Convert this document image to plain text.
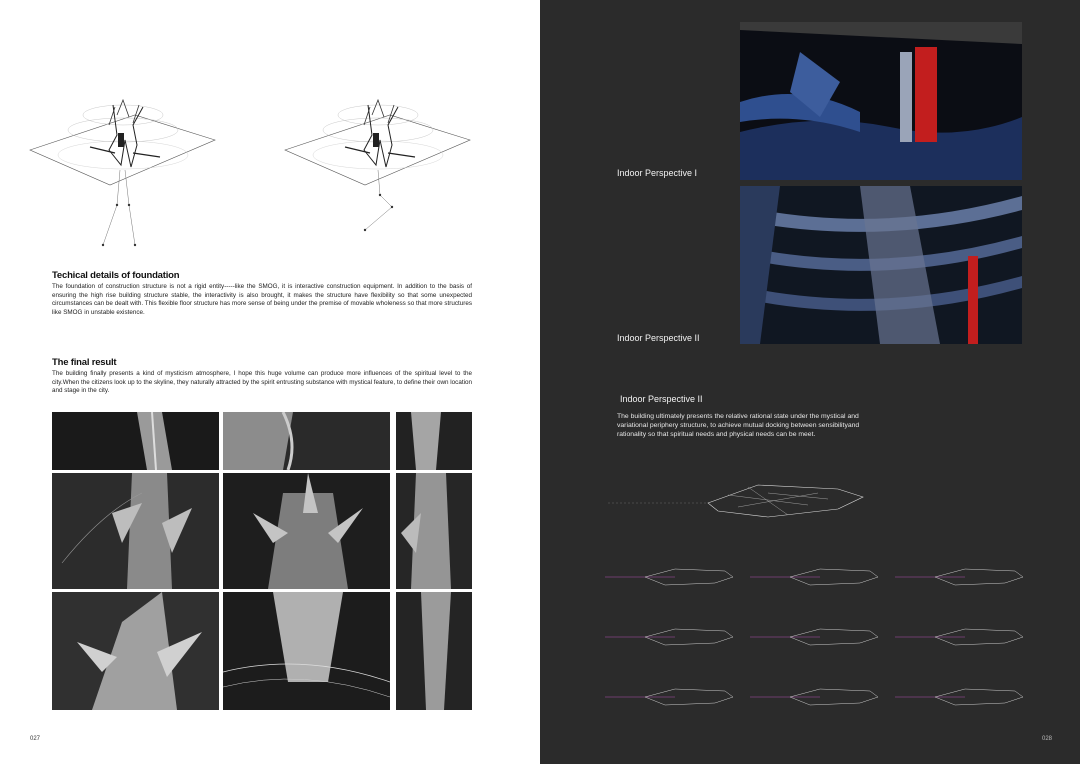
Techical details of foundation
The foundation of construction structure is not a rigid entity-----like the SMOG, it is interactive construction equipment. In addition to the basis of ensuring the high rise building structure stable, the interactivity is also brought, it makes the structure have flexibility so that some unexpected circumstances can be dealt with. This flexible floor structure has more sense of being under the premise of movable wholeness so that more structures like SMOG in unstable existence.
The final result
The building finally presents a kind of mysticism atmosphere, I hope this huge volume can produce more influences of the spiritual level to the city.When the citizens look up to the skyline, they naturally attracted by the spirit entrusting substance with mystical feature, to define their own location and stage in the city.
027
Indoor Perspective I
Indoor Perspective II
Indoor Perspective II
The building ultimately presents the relative rational state under the mystical and variational periphery structure, to achieve mutual docking between sensibilityand rationality so that spiritual needs and physical needs can be meet.
028
